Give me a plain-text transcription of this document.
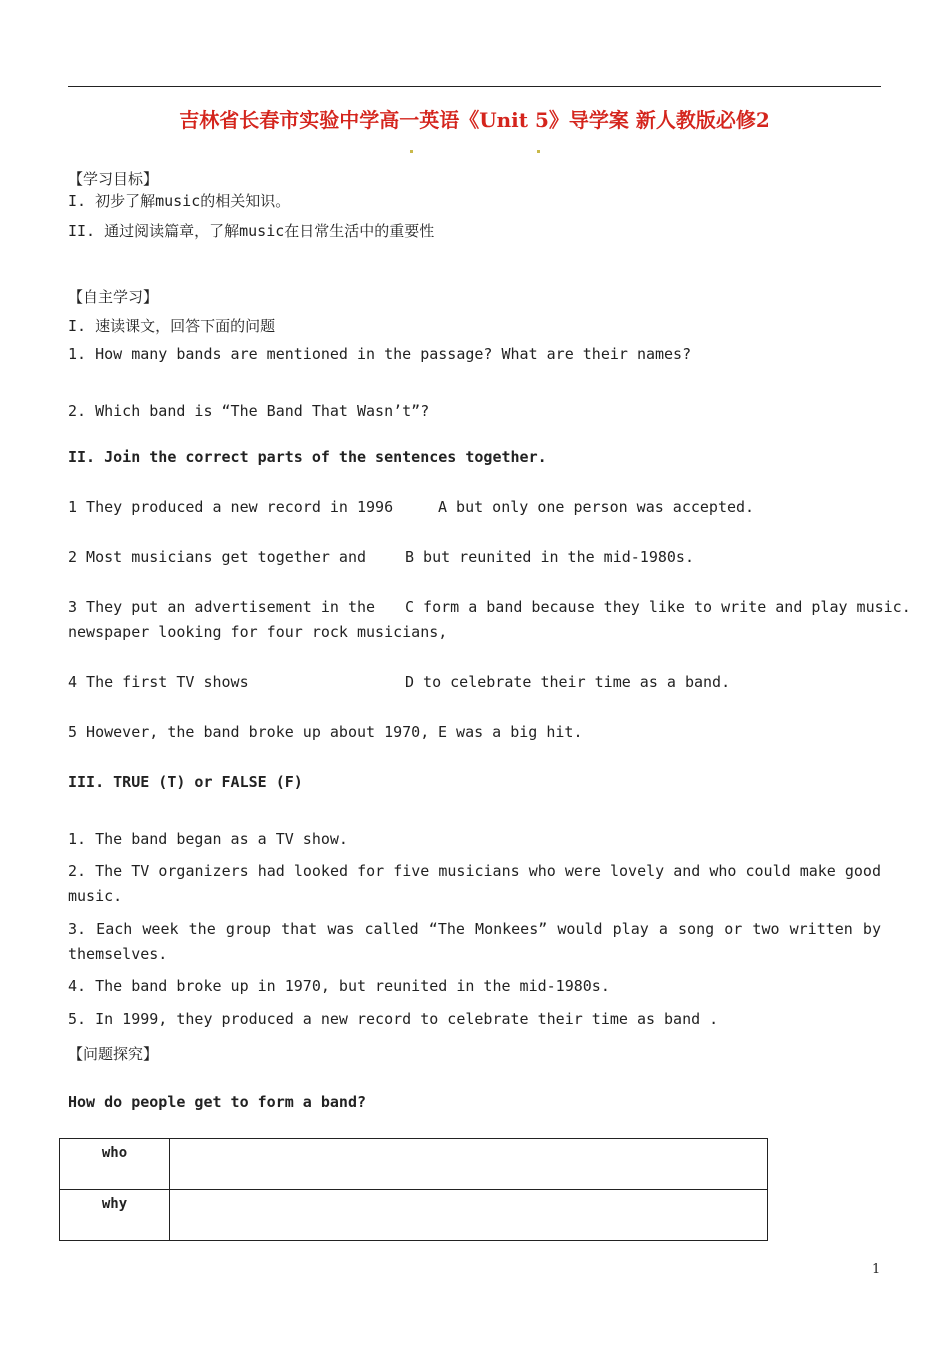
吉林省长春市实验中学高一英语《Unit 5》导学案 新人教版必修2
【学习目标】
I. 初步了解music的相关知识。
II. 通过阅读篇章，了解music在日常生活中的重要性
【自主学习】
I. 速读课文，回答下面的问题
1. How many bands are mentioned in the passage? What are their names?
2. Which band is “The Band That Wasn’t”?
II. Join the correct parts of the sentences together.
1 They produced a new record in 1996	A but only one person was accepted.
2 Most musicians get together and	B but reunited in the mid-1980s.
3 They put an advertisement in the C form a band because they like to write and play music.
newspaper looking for four rock musicians,
4 The first TV shows	D to celebrate their time as a band.
5 However, the band broke up about 1970, E was a big hit.
III. TRUE (T) or FALSE (F)
1. The band began as a TV show.
2. The TV organizers had looked for five musicians who were lovely and who could make good music.
3. Each week the group that was called “The Monkees” would play a song or two written by themselves.
4. The band broke up in 1970, but reunited in the mid-1980s.
5. In 1999, they produced a new record to celebrate their time as band .
【问题探究】
How do people get to form a band?
who	
why	
1
